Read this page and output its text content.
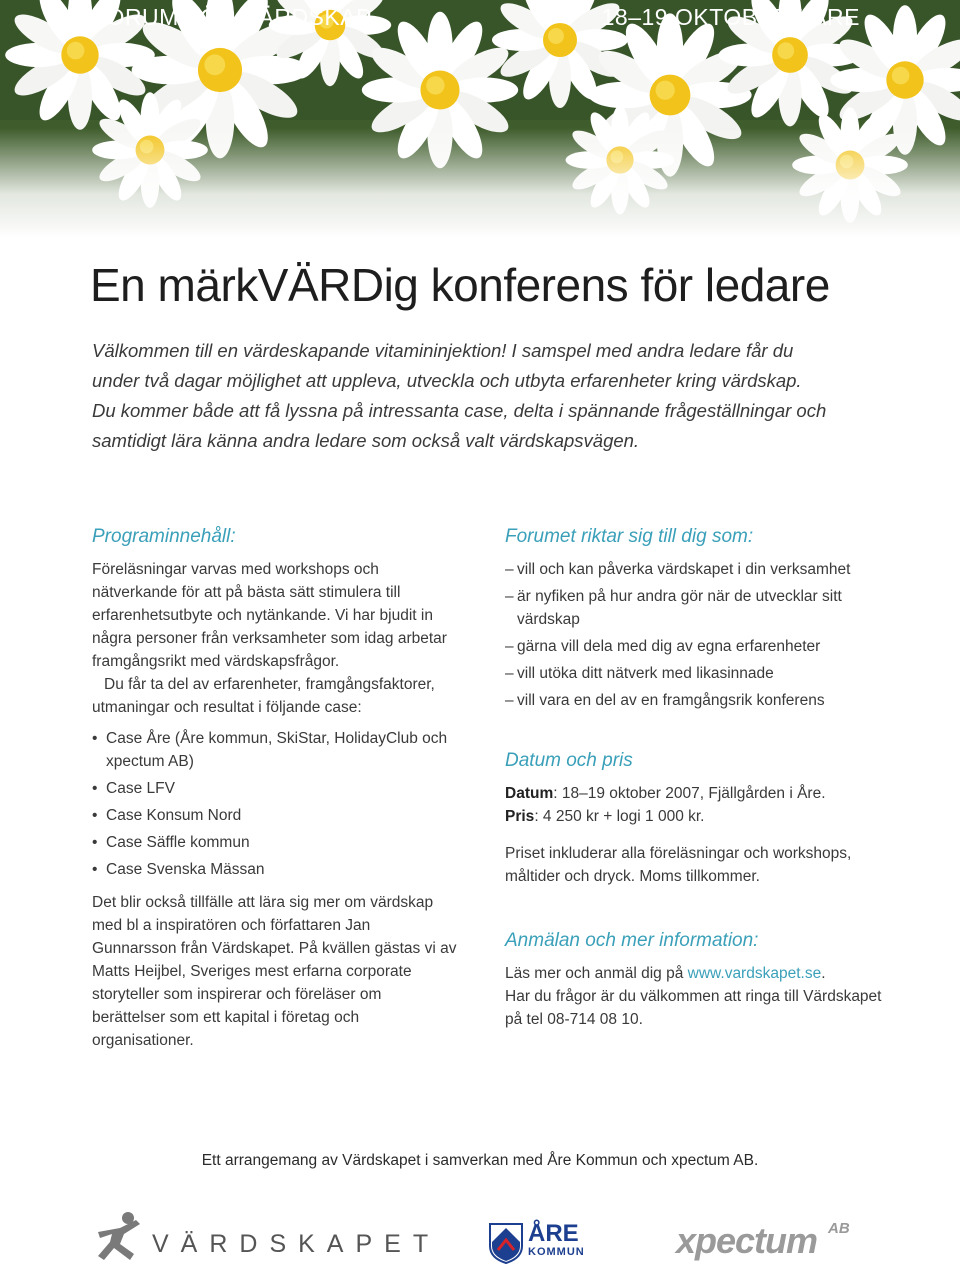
FORUM FÖR VÄRDSKAP	18–19 OKTOBER I ÅRE
En märkVÄRDig konferens för ledare
Välkommen till en värdeskapande vitamininjektion! I samspel med andra ledare får du
under två dagar möjlighet att uppleva, utveckla och utbyta erfarenheter kring värdskap.
Du kommer både att få lyssna på intressanta case, delta i spännande frågeställningar och
samtidigt lära känna andra ledare som också valt värdskapsvägen.
Programinnehåll:

Föreläsningar varvas med workshops och nätverkande för att på bästa sätt stimulera till erfarenhetsutbyte och nytänkande. Vi har bjudit in några personer från verksamheter som idag arbetar framgångsrikt med värdskapsfrågor.

Du får ta del av erfarenheter, framgångsfaktorer, utmaningar och resultat i följande case:

• Case Åre (Åre kommun, SkiStar, HolidayClub och xpectum AB)
• Case LFV
• Case Konsum Nord
• Case Säffle kommun
• Case Svenska Mässan

Det blir också tillfälle att lära sig mer om värdskap med bl a inspiratören och författaren Jan Gunnarsson från Värdskapet. På kvällen gästas vi av Matts Heijbel, Sveriges mest erfarna corporate storyteller som inspirerar och föreläser om berättelser som ett kapital i företag och organisationer.

Forumet riktar sig till dig som:
– vill och kan påverka värdskapet i din verksamhet
– är nyfiken på hur andra gör när de utvecklar sitt värdskap
– gärna vill dela med dig av egna erfarenheter
– vill utöka ditt nätverk med likasinnade
– vill vara en del av en framgångsrik konferens
Datum och pris
Datum: 18–19 oktober 2007, Fjällgården i Åre.
Pris: 4 250 kr + logi 1 000 kr.

Priset inkluderar alla föreläsningar och workshops, måltider och dryck. Moms tillkommer.

Anmälan och mer information:

Läs mer och anmäl dig på www.vardskapet.se.

Har du frågor är du välkommen att ringa till Värdskapet på tel 08-714 08 10.

Ett arrangemang av Värdskapet i samverkan med Åre Kommun och xpectum AB.
VÄRDSKAPET	ÅRE
KOMMUN	xpectum AB
